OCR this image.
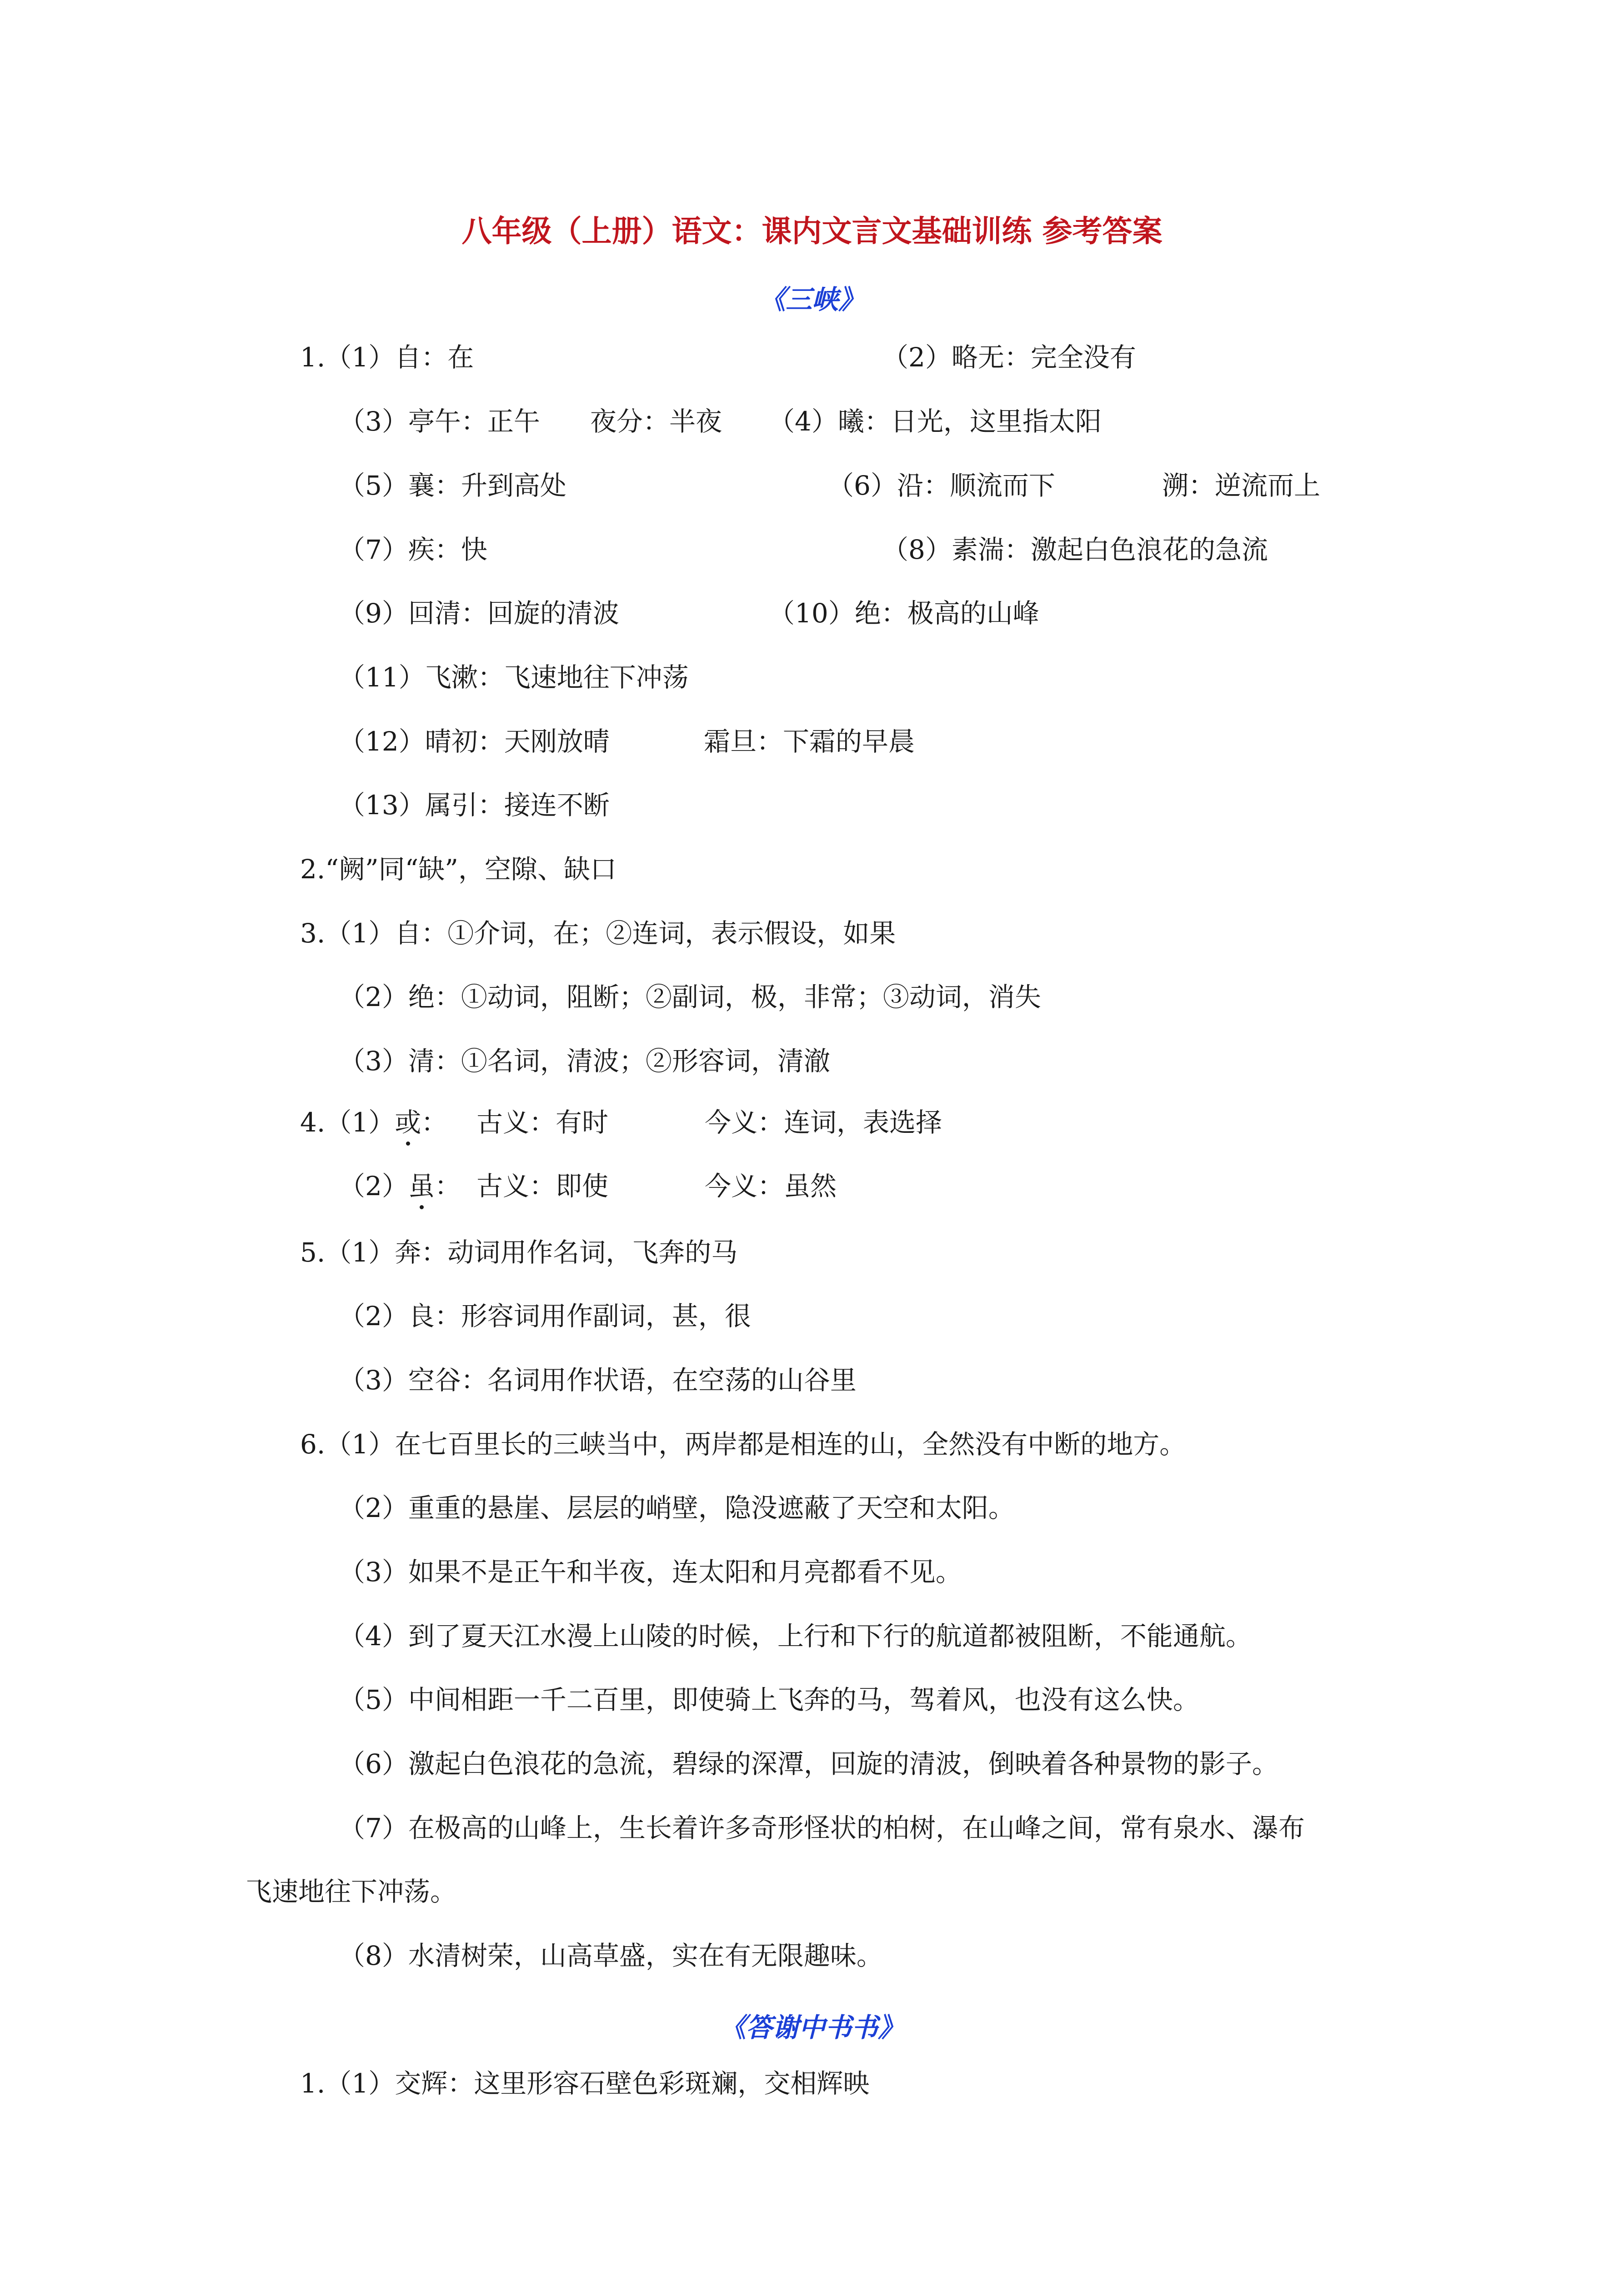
八年级（上册）语文：课内文言文基础训练 参考答案
《三峡》
1.（1）自：在	（2）略无：完全没有
（3）亭午：正午 夜分：半夜 （4）曦：日光，这里指太阳
（5）襄：升到高处	（6）沿：顺流而下	溯：逆流而上
（7）疾：快	（8）素湍：激起白色浪花的急流
（9）回清：回旋的清波	（10）绝：极高的山峰
（11）飞漱：飞速地往下冲荡
（12）晴初：天刚放晴	霜旦：下霜的早晨
（13）属引：接连不断
2.“阙”同“缺”，空隙、缺口
3.（1）自：①介词，在；②连词，表示假设，如果
（2）绝：①动词，阻断；②副词，极，非常；③动词，消失
（3）清：①名词，清波；②形容词，清澈
4.（1）或： 古义：有时	今义：连词，表选择
（2）虽： 古义：即使	今义：虽然
5.（1）奔：动词用作名词，飞奔的马
（2）良：形容词用作副词，甚，很
（3）空谷：名词用作状语，在空荡的山谷里
6.（1）在七百里长的三峡当中，两岸都是相连的山，全然没有中断的地方。
（2）重重的悬崖、层层的峭壁，隐没遮蔽了天空和太阳。
（3）如果不是正午和半夜，连太阳和月亮都看不见。
（4）到了夏天江水漫上山陵的时候，上行和下行的航道都被阻断，不能通航。
（5）中间相距一千二百里，即使骑上飞奔的马，驾着风，也没有这么快。
（6）激起白色浪花的急流，碧绿的深潭，回旋的清波，倒映着各种景物的影子。
（7）在极高的山峰上，生长着许多奇形怪状的柏树，在山峰之间，常有泉水、瀑布
飞速地往下冲荡。
（8）水清树荣，山高草盛，实在有无限趣味。
《答谢中书书》
1.（1）交辉：这里形容石壁色彩斑斓，交相辉映
